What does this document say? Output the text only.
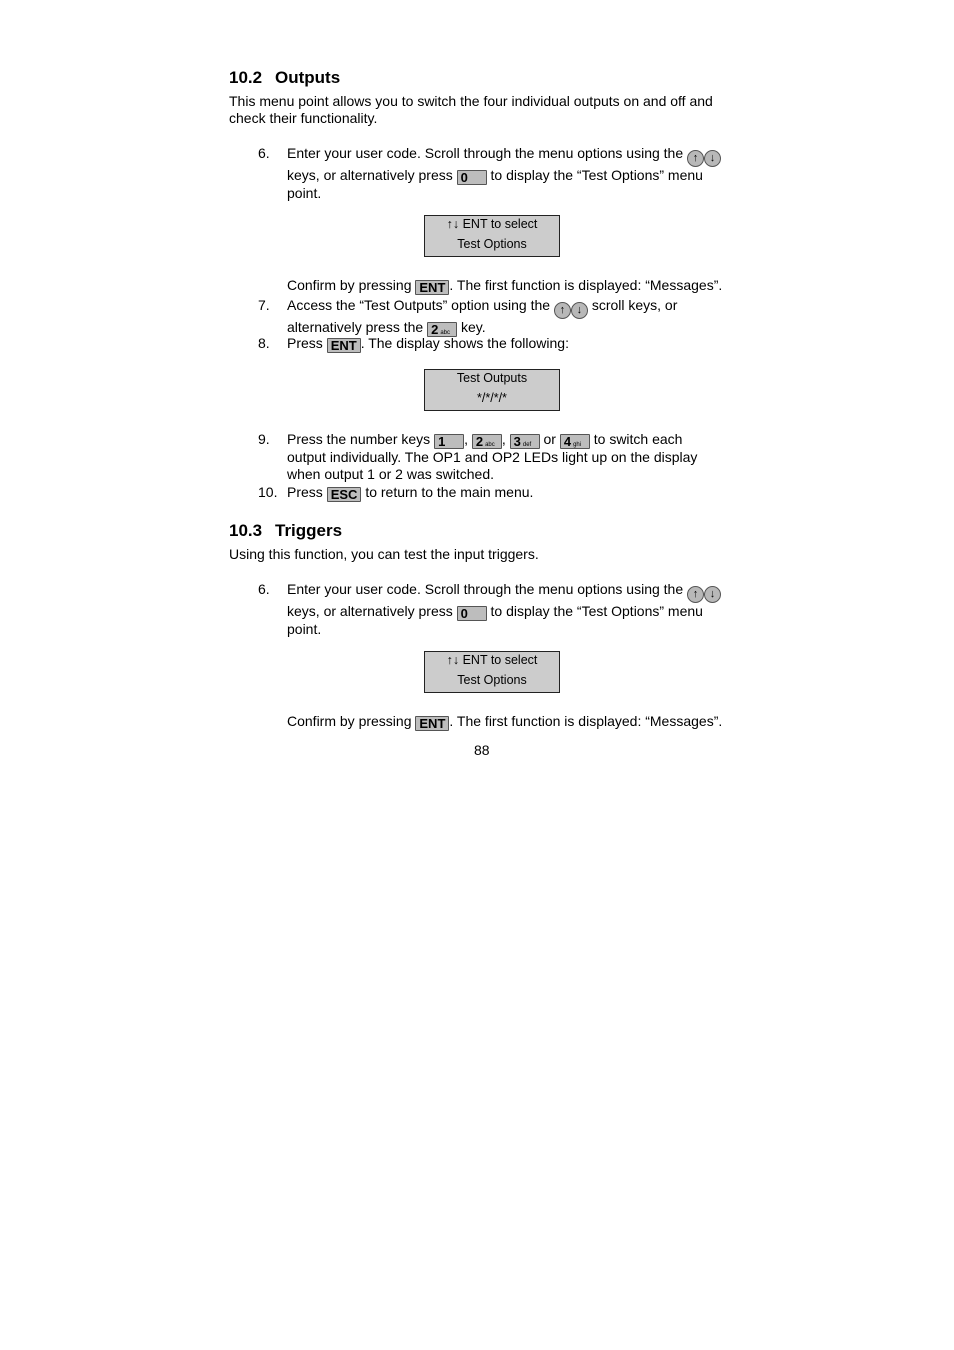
10.2 Outputs

This menu point allows you to switch the four individual outputs on and off and
check their functionality.

6. Enter your user code. Scroll through the menu options using the ↑ ↓
keys, or alternatively press 0 to display the “Test Options” menu
point.
↑↓ ENT to select
Test Options
Confirm by pressing ENT . The first function is displayed: “Messages”.
7. Access the “Test Outputs” option using the ↑ ↓ scroll keys, or
alternatively press the 2 abc key.
8. Press ENT . The display shows the following:
Test Outputs
*/*/*/*
9. Press the number keys 1 , 2 abc , 3 def or 4 ghi to switch each
output individually. The OP1 and OP2 LEDs light up on the display
when output 1 or 2 was switched.
10. Press ESC to return to the main menu.
10.3 Triggers

Using this function, you can test the input triggers.

6. Enter your user code. Scroll through the menu options using the ↑ ↓
keys, or alternatively press 0 to display the “Test Options” menu
point.
↑↓ ENT to select
Test Options
Confirm by pressing ENT . The first function is displayed: “Messages”.
88
